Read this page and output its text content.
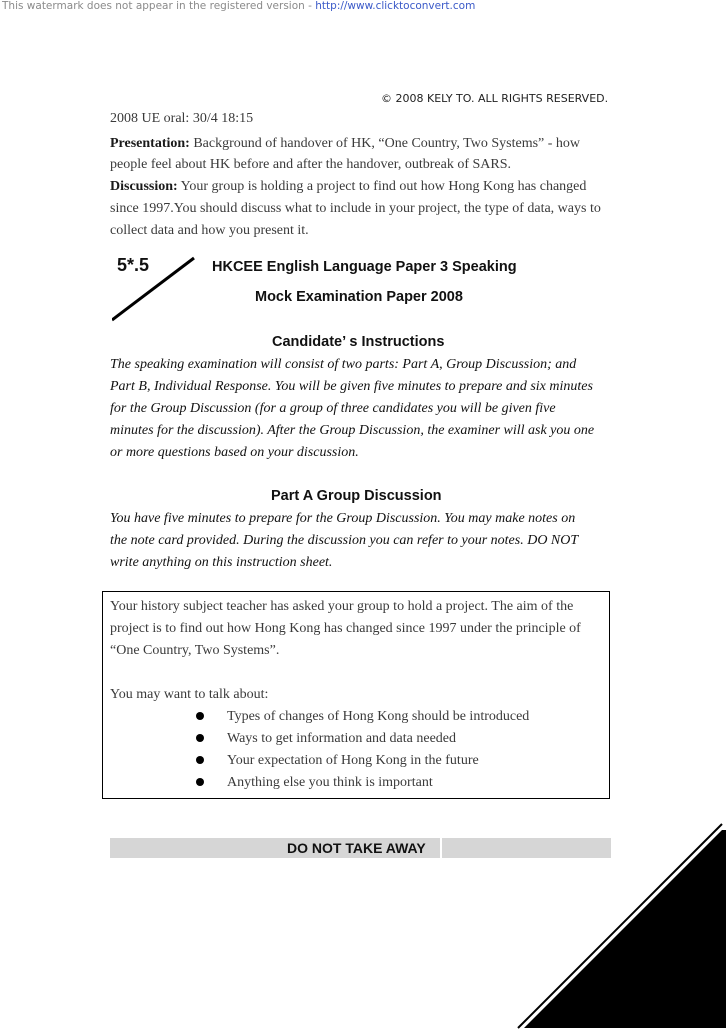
This watermark does not appear in the registered version - http://www.clicktoconvert.com
© 2008 KELY TO. ALL RIGHTS RESERVED.
2008 UE oral: 30/4 18:15
Presentation: Background of handover of HK, “One Country, Two Systems” - how
people feel about HK before and after the handover, outbreak of SARS.
Discussion: Your group is holding a project to find out how Hong Kong has changed
since 1997.You should discuss what to include in your project, the type of data, ways to
collect data and how you present it.
5*.5	HKCEE English Language Paper 3 Speaking
Mock Examination Paper 2008
Candidate’ s Instructions
The speaking examination will consist of two parts: Part A, Group Discussion; and
Part B, Individual Response. You will be given five minutes to prepare and six minutes
for the Group Discussion (for a group of three candidates you will be given five
minutes for the discussion). After the Group Discussion, the examiner will ask you one
or more questions based on your discussion.
Part A Group Discussion
You have five minutes to prepare for the Group Discussion. You may make notes on
the note card provided. During the discussion you can refer to your notes. DO NOT
write anything on this instruction sheet.
Your history subject teacher has asked your group to hold a project. The aim of the
project is to find out how Hong Kong has changed since 1997 under the principle of
“One Country, Two Systems”.
You may want to talk about:
Types of changes of Hong Kong should be introduced
Ways to get information and data needed
Your expectation of Hong Kong in the future
Anything else you think is important
DO NOT TAKE AWAY
